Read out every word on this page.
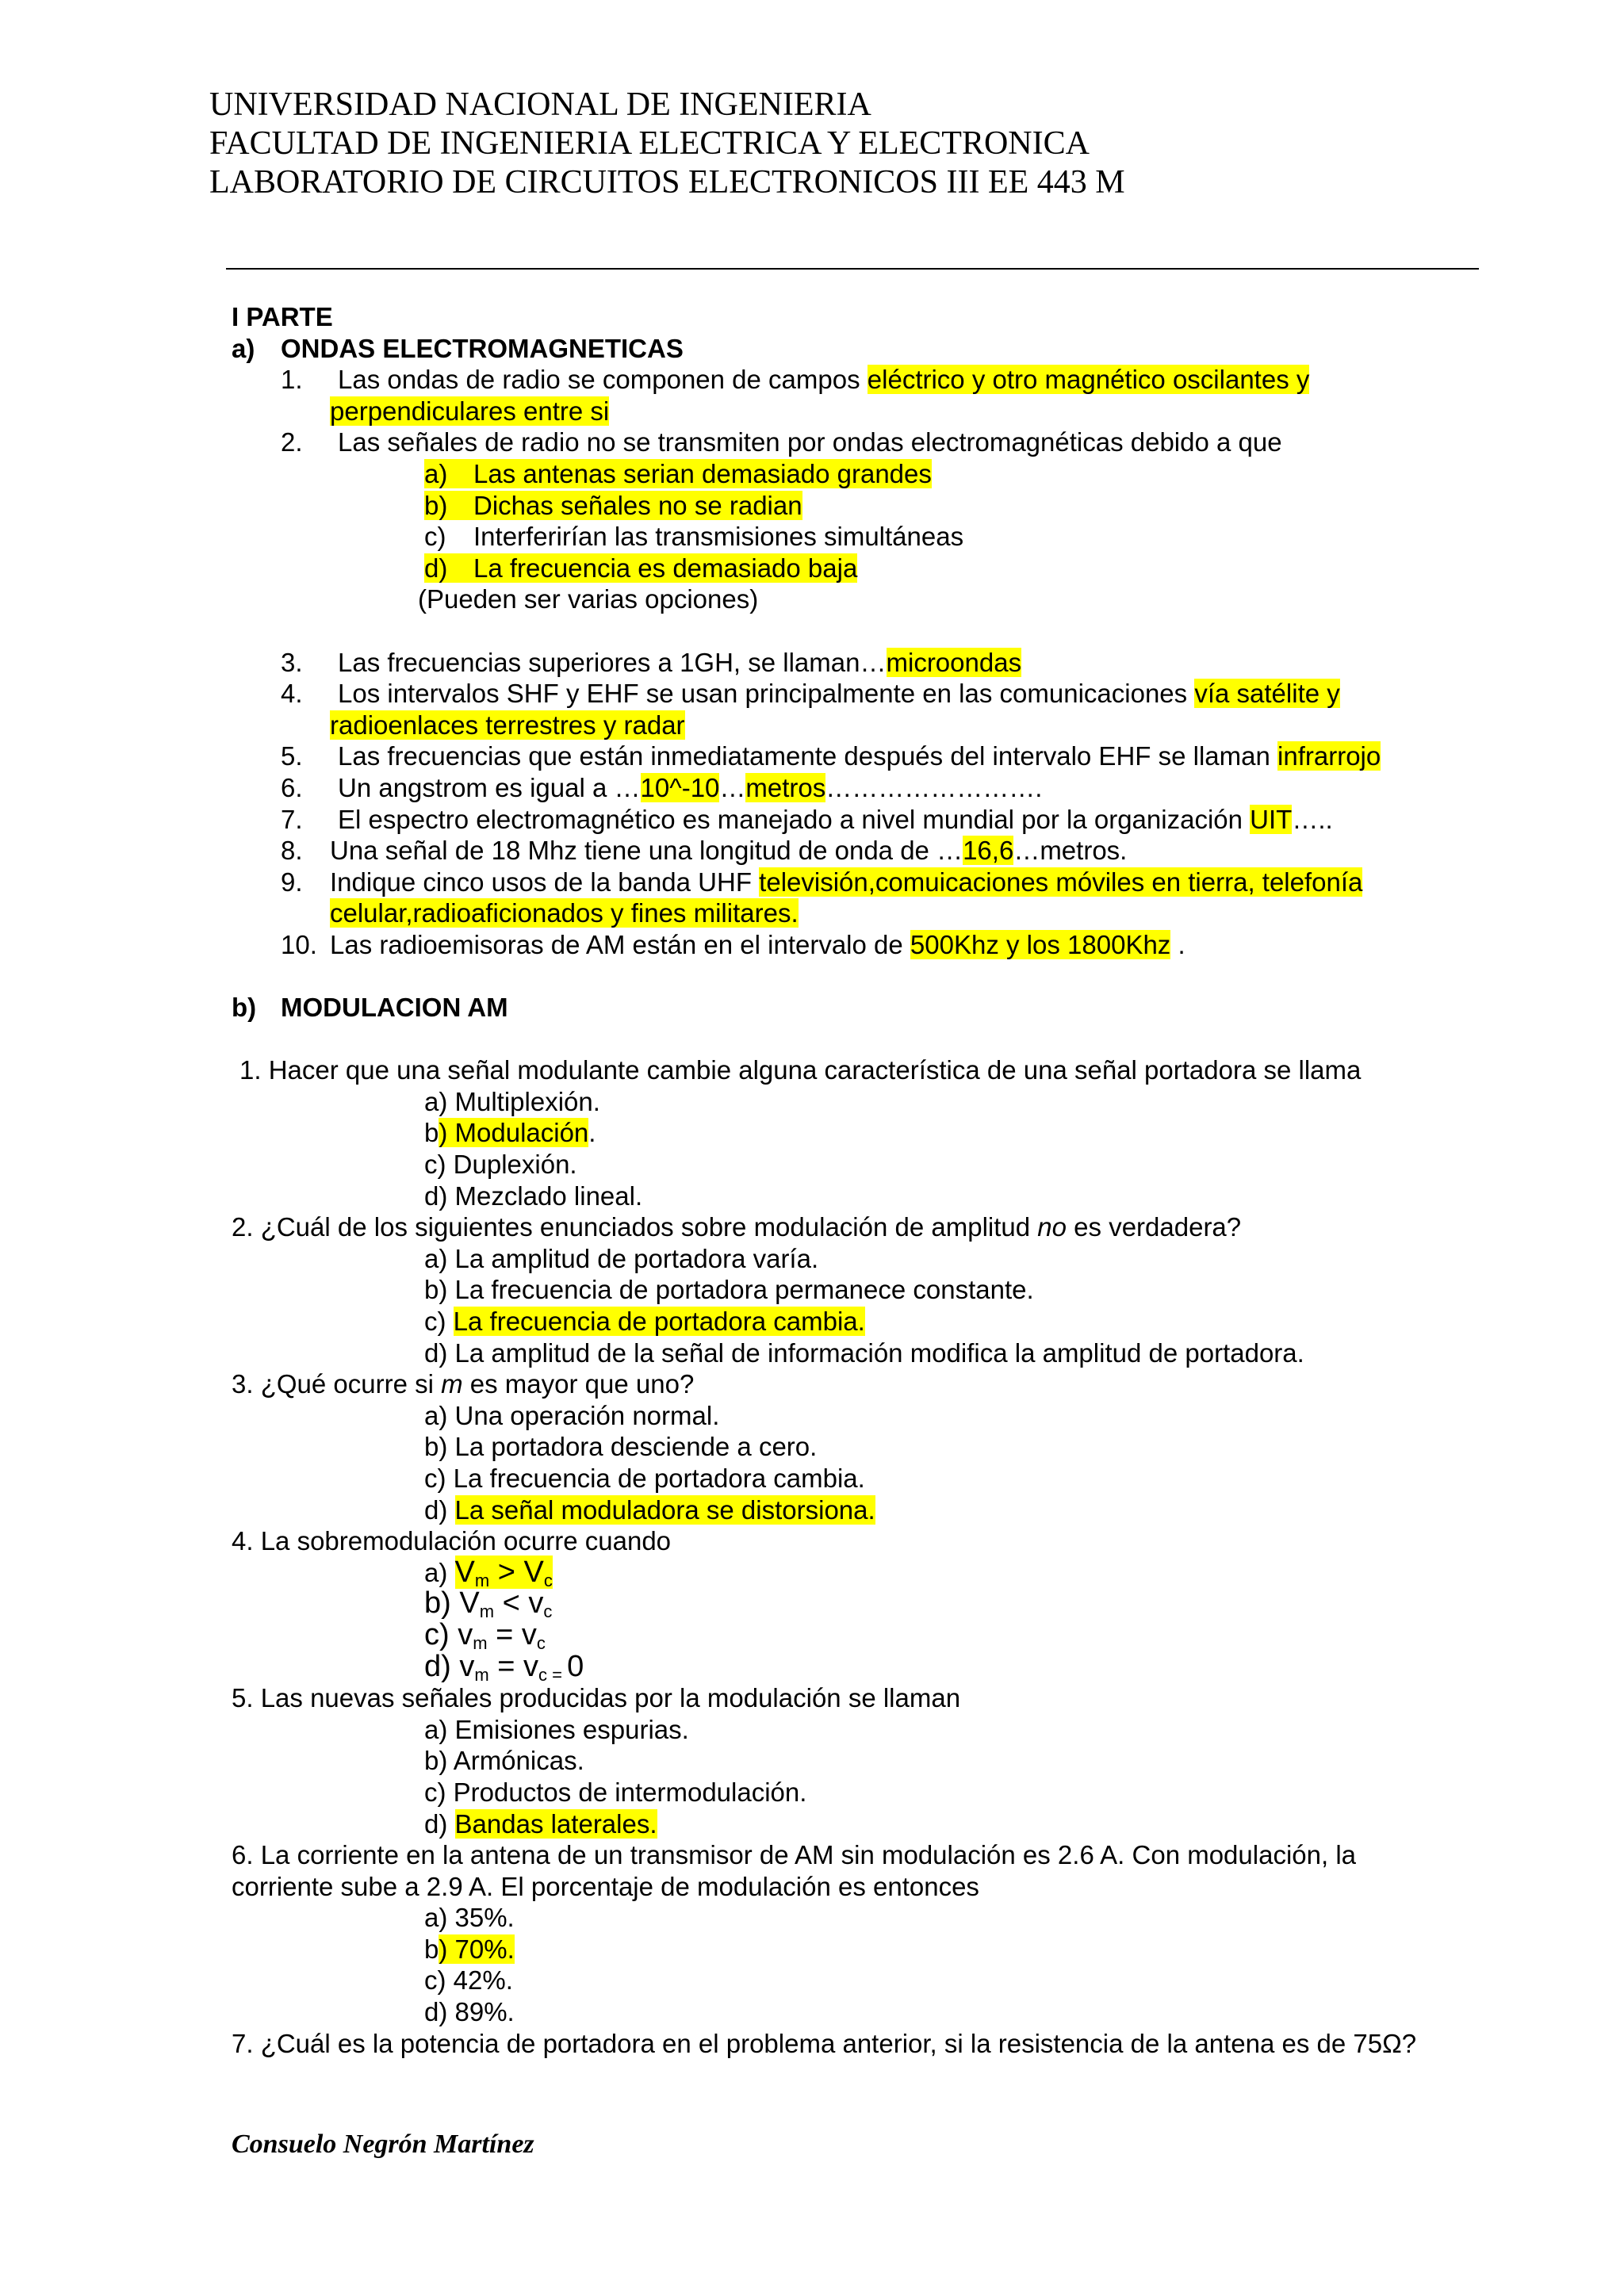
UNIVERSIDAD NACIONAL DE INGENIERIA
FACULTAD DE INGENIERIA ELECTRICA Y ELECTRONICA
LABORATORIO DE CIRCUITOS ELECTRONICOS III EE 443 M
I PARTE
a) ONDAS ELECTROMAGNETICAS
1. Las ondas de radio se componen de campos eléctrico y otro magnético oscilantes y
perpendiculares entre si
2. Las señales de radio no se transmiten por ondas electromagnéticas debido a que
a) Las antenas serian demasiado grandes
b) Dichas señales no se radian
c) Interferirían las transmisiones simultáneas
d) La frecuencia es demasiado baja
(Pueden ser varias opciones)
3. Las frecuencias superiores a 1GH, se llaman…microondas
4. Los intervalos SHF y EHF se usan principalmente en las comunicaciones vía satélite y
radioenlaces terrestres y radar
5. Las frecuencias que están inmediatamente después del intervalo EHF se llaman infrarrojo
6. Un angstrom es igual a …10^-10…metros…………………….
7. El espectro electromagnético es manejado a nivel mundial por la organización UIT…..
8. Una señal de 18 Mhz tiene una longitud de onda de …16,6…metros.
9. Indique cinco usos de la banda UHF televisión,comuicaciones móviles en tierra, telefonía
celular,radioaficionados y fines militares.
10. Las radioemisoras de AM están en el intervalo de 500Khz y los 1800Khz .
b) MODULACION AM
1. Hacer que una señal modulante cambie alguna característica de una señal portadora se llama
a) Multiplexión.
b) Modulación.
c) Duplexión.
d) Mezclado lineal.
2. ¿Cuál de los siguientes enunciados sobre modulación de amplitud no es verdadera?
a) La amplitud de portadora varía.
b) La frecuencia de portadora permanece constante.
c) La frecuencia de portadora cambia.
d) La amplitud de la señal de información modifica la amplitud de portadora.
3. ¿Qué ocurre si m es mayor que uno?
a) Una operación normal.
b) La portadora desciende a cero.
c) La frecuencia de portadora cambia.
d) La señal moduladora se distorsiona.
4. La sobremodulación ocurre cuando
a) $V_m > V_c$
b) $V_m < v_c$
c) $v_m = v_c$
d) $v_m = v_{c =}$ 0
5. Las nuevas señales producidas por la modulación se llaman
a) Emisiones espurias.
b) Armónicas.
c) Productos de intermodulación.
d) Bandas laterales.
6. La corriente en la antena de un transmisor de AM sin modulación es 2.6 A. Con modulación, la
corriente sube a 2.9 A. El porcentaje de modulación es entonces
a) 35%.
b) 70%.
c) 42%.
d) 89%.
7. ¿Cuál es la potencia de portadora en el problema anterior, si la resistencia de la antena es de 75Ω?
Consuelo Negrón Martínez
